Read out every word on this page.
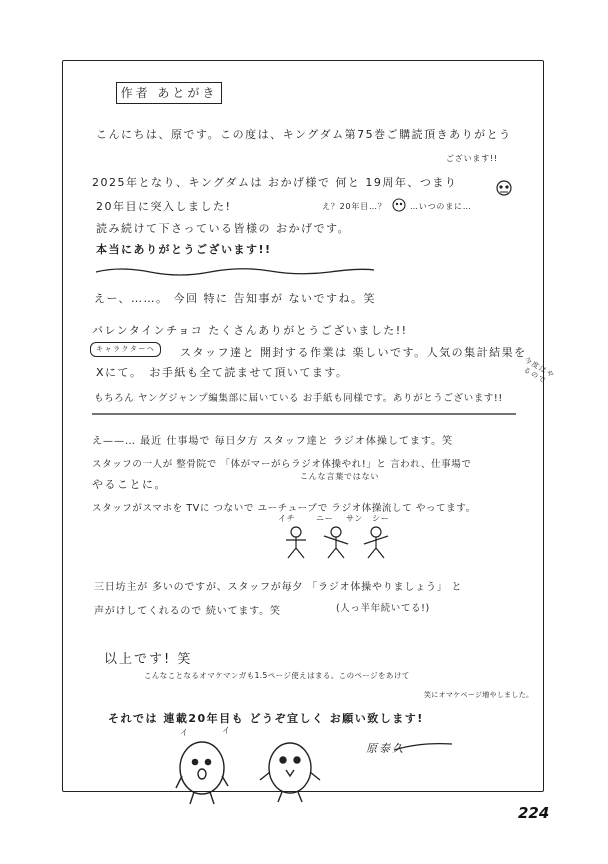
作者 あとがき
こんにちは、原です。この度は、キングダム第75巻ご購読頂きありがとう
ございます!!
2025年となり、キングダムは おかげ様で 何と 19周年、つまり
20年目に突入しました!	え？20年目…？	…いつのまに…
読み続けて下さっている皆様の おかげです。
本当にありがとうございます!!
えー、……。 今回 特に 告知事が ないですね。笑
バレンタインチョコ たくさんありがとうございました!!
キャラクターへ	スタッフ達と 開封する作業は 楽しいです。人気の集計結果を
Xにて。　お手紙も全て読ませて頂いてます。	今度はやるので
もちろん ヤングジャンプ編集部に届いている お手紙も同様です。ありがとうございます!!
え——… 最近 仕事場で 毎日夕方 スタッフ達と ラジオ体操してます。笑
スタッフの一人が 整骨院で 「体がマーがらラジオ体操やれ!」と 言われ、仕事場で
こんな言葉ではない
やることに。
スタッフがスマホを TVに つないで ユーチューブで ラジオ体操流して やってます。
イチ	ニー サン シー
三日坊主が 多いのですが、スタッフが毎夕 「ラジオ体操やりましょう」 と
声がけしてくれるので 続いてます。笑	(人っ半年続いてる!)
以上です! 笑
こんなことなるオマケマンガも1.5ページ使えはまる。このページをあけて
笑にオマケページ増やしました。
それでは 連載20年目も どうぞ宜しく お願い致します!
イ	イ
原泰久
224
